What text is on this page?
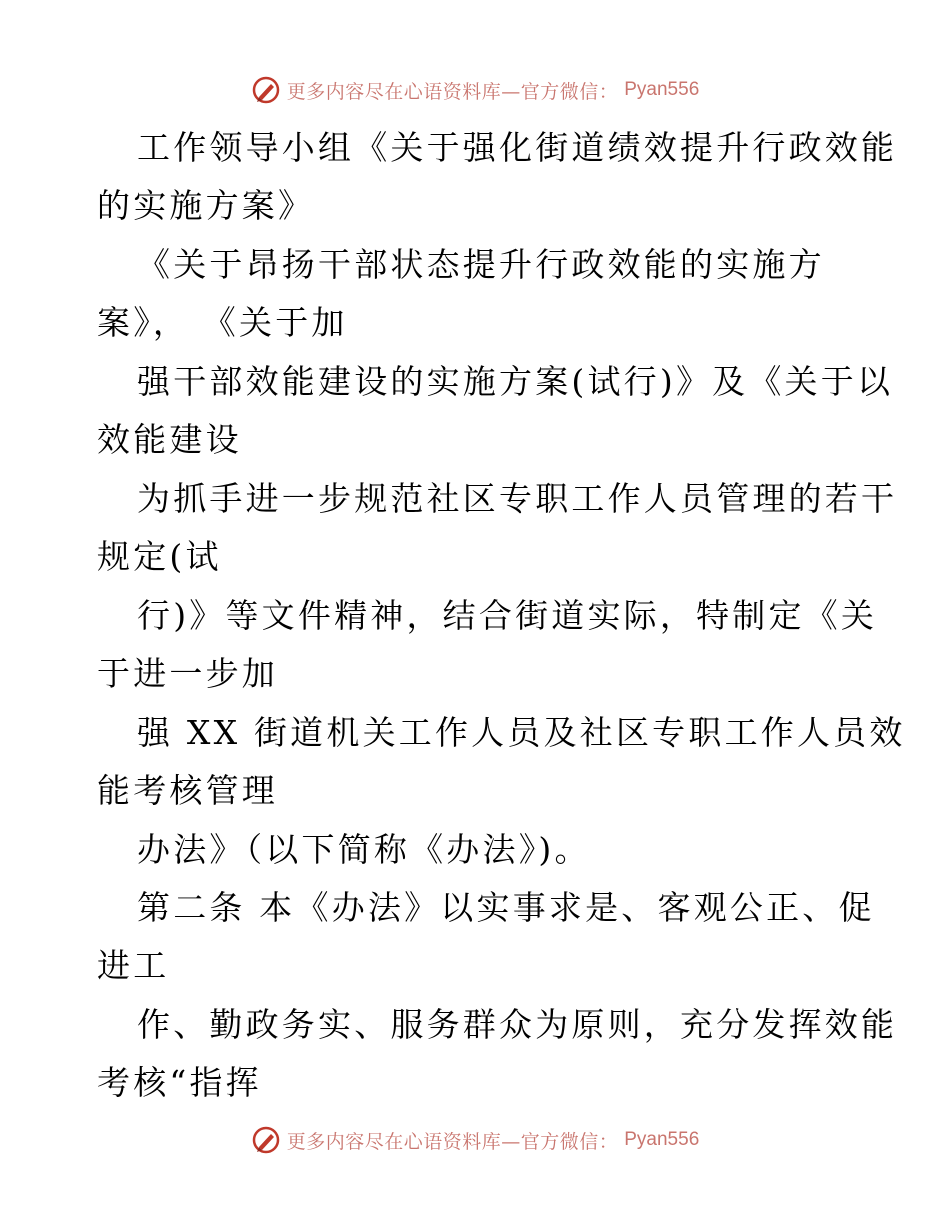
更多内容尽在心语资料库—官方微信： Pyan556
工作领导小组《关于强化街道绩效提升行政效能
的实施方案》
《关于昂扬干部状态提升行政效能的实施方
案》， 《关于加
强干部效能建设的实施方案(试行)》及《关于以
效能建设
为抓手进一步规范社区专职工作人员管理的若干
规定(试
行)》等文件精神，结合街道实际，特制定《关
于进一步加
强 XX 街道机关工作人员及社区专职工作人员效
能考核管理
办法》（以下简称《办法》)。
第二条 本《办法》以实事求是、客观公正、促
进工
作、勤政务实、服务群众为原则，充分发挥效能
考核“指挥
更多内容尽在心语资料库—官方微信： Pyan556
